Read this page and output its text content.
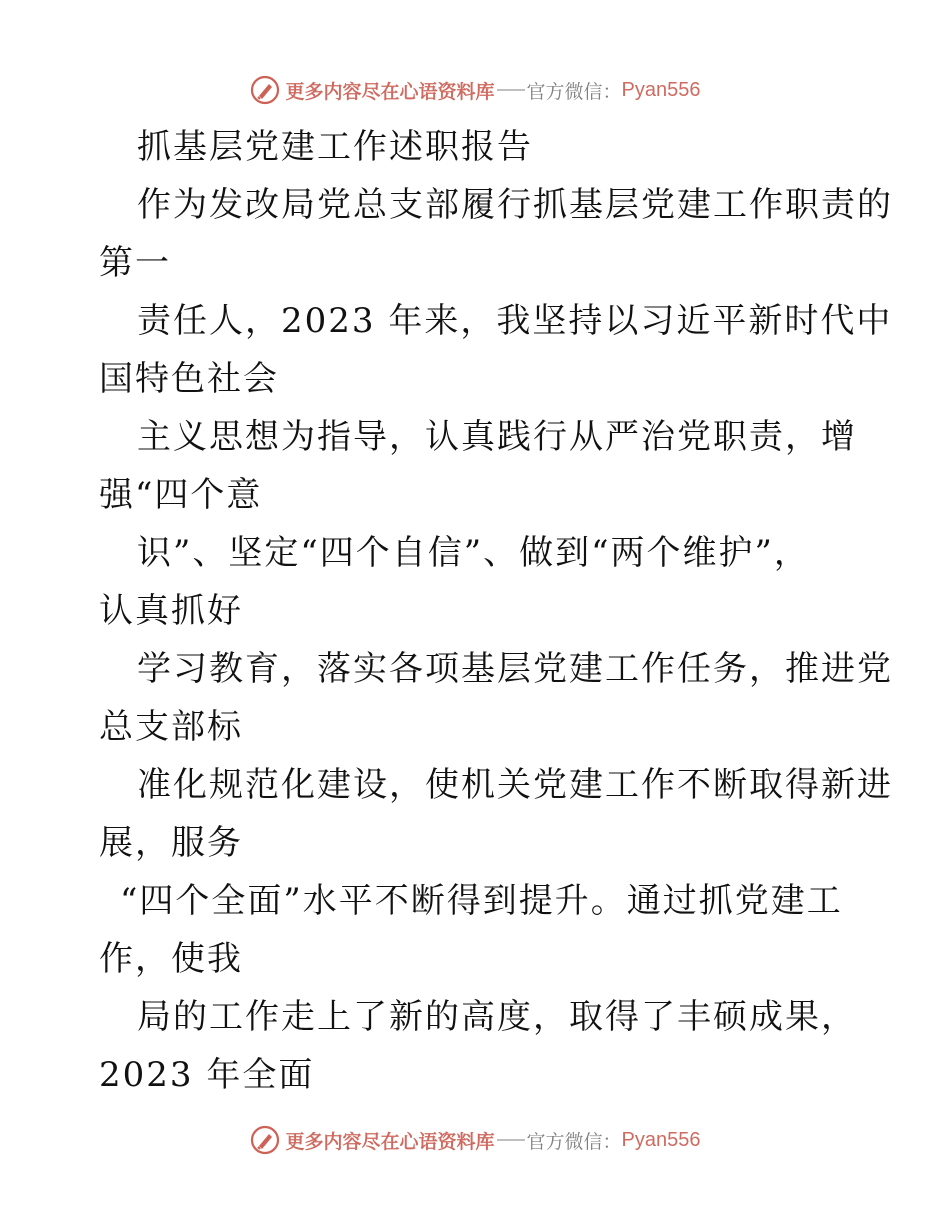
更多内容尽在心语资料库 官方微信： Pyan556
抓基层党建工作述职报告
作为发改局党总支部履行抓基层党建工作职责的
第一
责任人，2023 年来，我坚持以习近平新时代中
国特色社会
主义思想为指导，认真践行从严治党职责，增
强“四个意
识”、坚定“四个自信”、做到“两个维护”，
认真抓好
学习教育，落实各项基层党建工作任务，推进党
总支部标
准化规范化建设，使机关党建工作不断取得新进
展，服务
“四个全面”水平不断得到提升。通过抓党建工
作，使我
局的工作走上了新的高度，取得了丰硕成果，
2023 年全面
更多内容尽在心语资料库 官方微信： Pyan556
